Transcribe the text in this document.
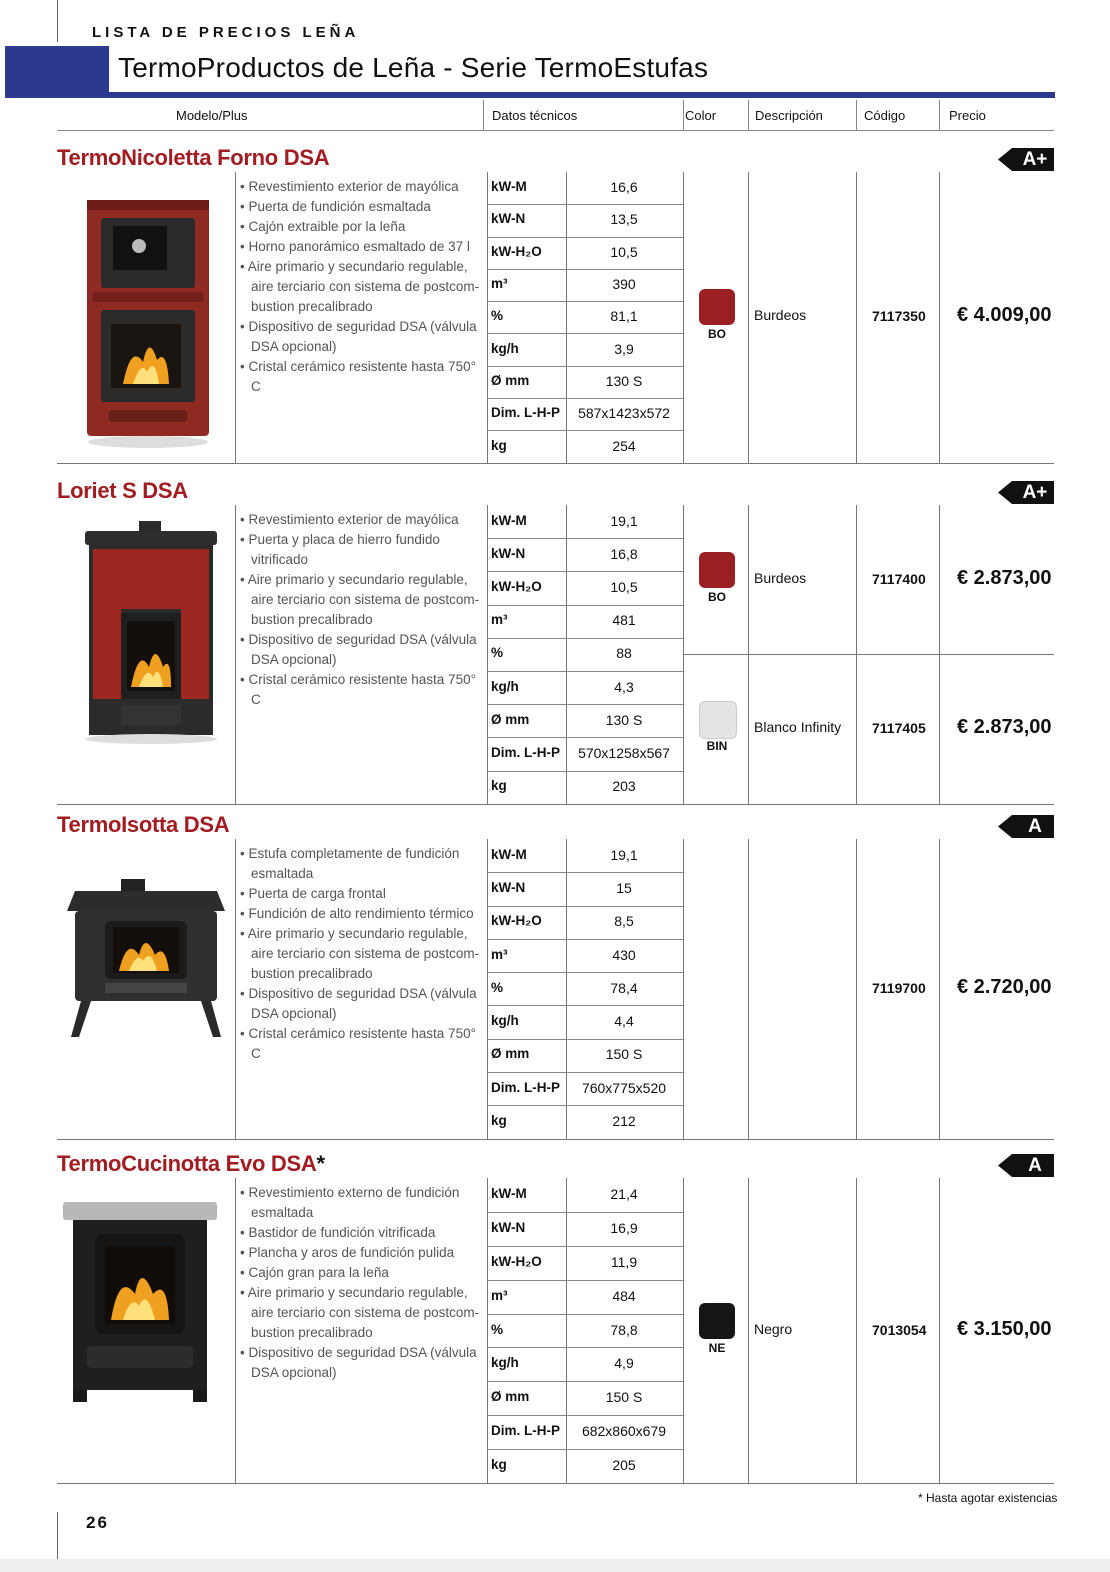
LISTA DE PRECIOS LEÑA
TermoProductos de Leña - Serie TermoEstufas
Modelo/Plus	Datos técnicos	Color	Descripción	Código	Precio
TermoNicoletta Forno DSA	A+
• Revestimiento exterior de mayólica
• Puerta de fundición esmaltada
• Cajón extraible por la leña
• Horno panorámico esmaltado de 37 l
• Aire primario y secundario regulable, aire terciario con sistema de postcom-bustion precalibrado
• Dispositivo de seguridad DSA (válvula DSA opcional)
• Cristal cerámico resistente hasta 750° C
kW-M	16,6
kW-N	13,5
kW-H₂O	10,5
m³	390
%	81,1
kg/h	3,9
Ø mm	130 S
Dim. L-H-P	587x1423x572
kg	254
BO
Burdeos	7117350 € 4.009,00
Loriet S DSA	A+
• Revestimiento exterior de mayólica
• Puerta y placa de hierro fundido vitrificado
• Aire primario y secundario regulable, aire terciario con sistema de postcom-bustion precalibrado
• Dispositivo de seguridad DSA (válvula DSA opcional)
• Cristal cerámico resistente hasta 750° C
kW-M	19,1
kW-N	16,8
kW-H₂O	10,5
m³	481
%	88
kg/h	4,3
Ø mm	130 S
Dim. L-H-P	570x1258x567
kg	203
BO
Burdeos	7117400 € 2.873,00
BIN
Blanco Infinity 7117405 € 2.873,00
TermoIsotta DSA	A
• Estufa completamente de fundición esmaltada
• Puerta de carga frontal
• Fundición de alto rendimiento térmico
• Aire primario y secundario regulable, aire terciario con sistema de postcom-bustion precalibrado
• Dispositivo de seguridad DSA (válvula DSA opcional)
• Cristal cerámico resistente hasta 750° C
kW-M	19,1
kW-N	15
kW-H₂O	8,5
m³	430
%	78,4
kg/h	4,4
Ø mm	150 S
Dim. L-H-P	760x775x520
kg	212
7119700 € 2.720,00
TermoCucinotta Evo DSA*	A
• Revestimiento externo de fundición esmaltada
• Bastidor de fundición vitrificada
• Plancha y aros de fundición pulida
• Cajón gran para la leña
• Aire primario y secundario regulable, aire terciario con sistema de postcom-bustion precalibrado
• Dispositivo de seguridad DSA (válvula DSA opcional)
kW-M	21,4
kW-N	16,9
kW-H₂O	11,9
m³	484
%	78,8
kg/h	4,9
Ø mm	150 S
Dim. L-H-P	682x860x679
kg	205
NE
Negro	7013054 € 3.150,00
* Hasta agotar existencias
26
